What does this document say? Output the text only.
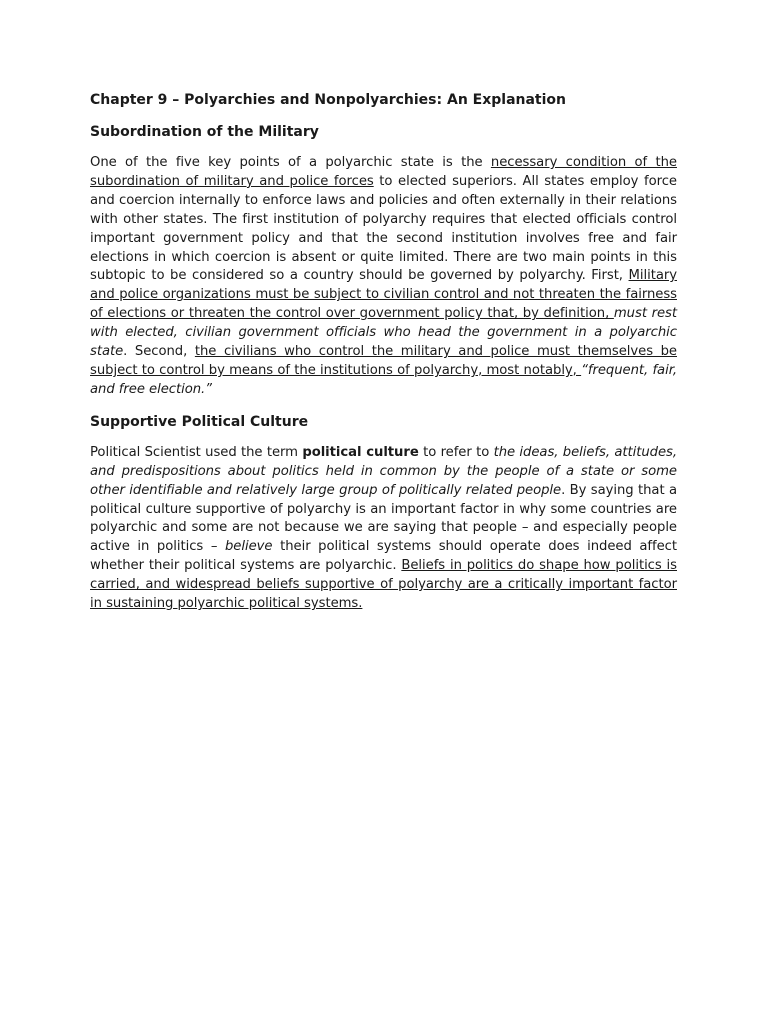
Chapter 9 – Polyarchies and Nonpolyarchies: An Explanation
Subordination of the Military

One of the five key points of a polyarchic state is the necessary condition of the subordination of military and police forces to elected superiors. All states employ force and coercion internally to enforce laws and policies and often externally in their relations with other states. The first institution of polyarchy requires that elected officials control important government policy and that the second institution involves free and fair elections in which coercion is absent or quite limited. There are two main points in this subtopic to be considered so a country should be governed by polyarchy. First, Military and police organizations must be subject to civilian control and not threaten the fairness of elections or threaten the control over government policy that, by definition, must rest with elected, civilian government officials who head the government in a polyarchic state. Second, the civilians who control the military and police must themselves be subject to control by means of the institutions of polyarchy, most notably, “frequent, fair, and free election.”

Supportive Political Culture

Political Scientist used the term political culture to refer to the ideas, beliefs, attitudes, and predispositions about politics held in common by the people of a state or some other identifiable and relatively large group of politically related people. By saying that a political culture supportive of polyarchy is an important factor in why some countries are polyarchic and some are not because we are saying that people – and especially people active in politics – believe their political systems should operate does indeed affect whether their political systems are polyarchic. Beliefs in politics do shape how politics is carried, and widespread beliefs supportive of polyarchy are a critically important factor in sustaining polyarchic political systems.
